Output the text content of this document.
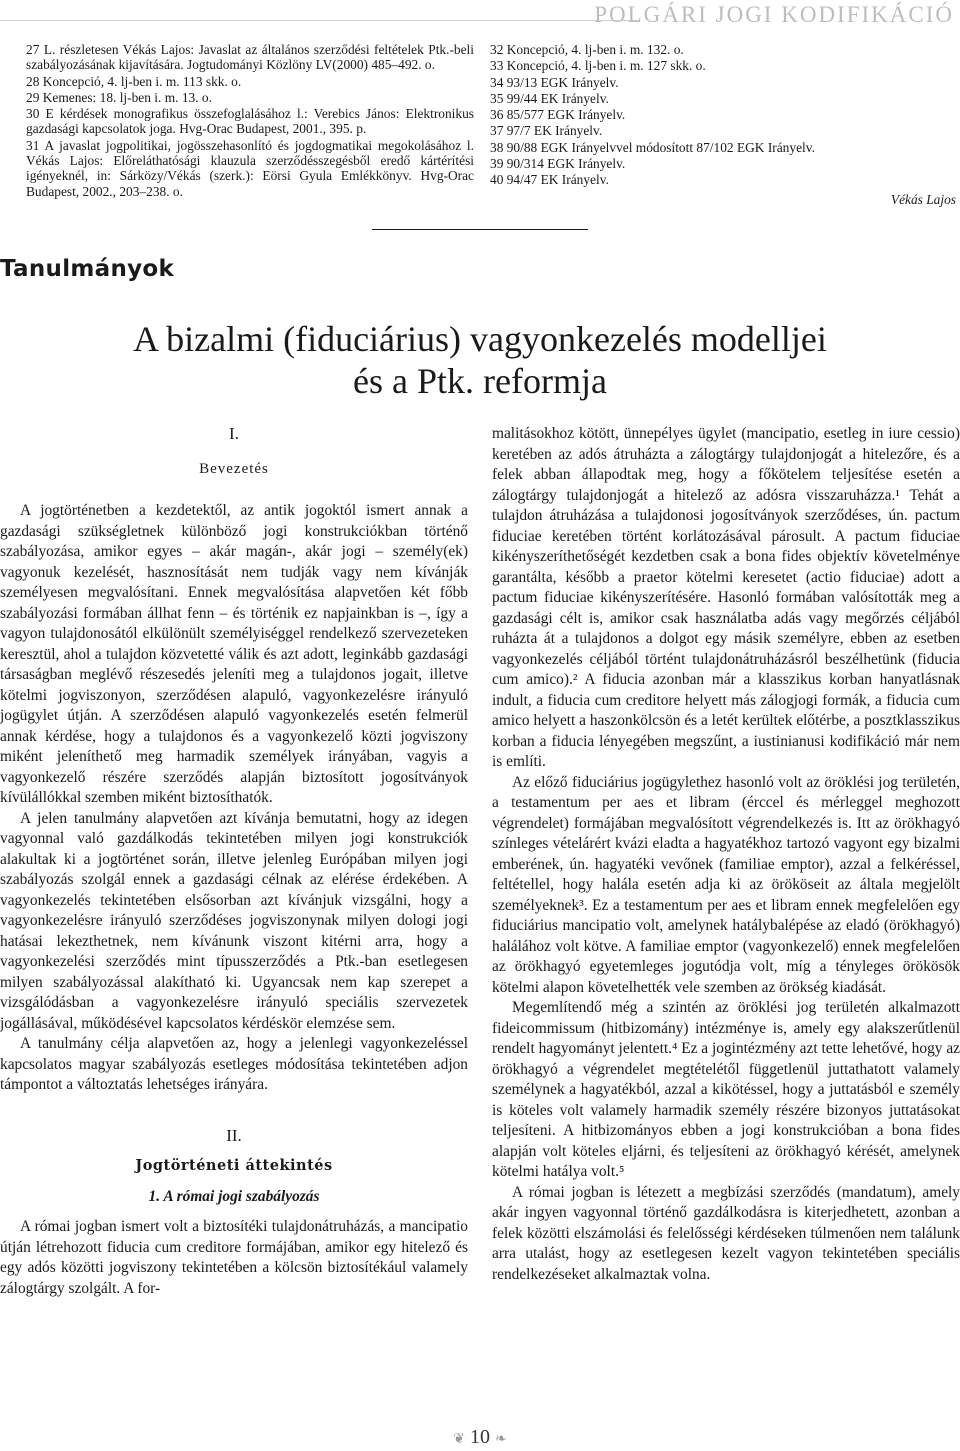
POLGÁRI JOGI KODIFIKÁCIÓ

27 L. részletesen Vékás Lajos: Javaslat az általános szerződési feltételek Ptk.-beli szabályozásának kijavítására. Jogtudományi Közlöny LV(2000) 485–492. o.

28 Koncepció, 4. lj-ben i. m. 113 skk. o.

29 Kemenes: 18. lj-ben i. m. 13. o.

30 E kérdések monografikus összefoglalásához l.: Verebics János: Elektronikus gazdasági kapcsolatok joga. Hvg-Orac Budapest, 2001., 395. p.

31 A javaslat jogpolitikai, jogösszehasonlító és jogdogmatikai megokolásához l. Vékás Lajos: Előreláthatósági klauzula szerződésszegésből eredő kártérítési igényeknél, in: Sárközy/Vékás (szerk.): Eörsi Gyula Emlékkönyv. Hvg-Orac Budapest, 2002., 203–238. o.

32 Koncepció, 4. lj-ben i. m. 132. o.

33 Koncepció, 4. lj-ben i. m. 127 skk. o.

34 93/13 EGK Irányelv.

35 99/44 EK Irányelv.

36 85/577 EGK Irányelv.

37 97/7 EK Irányelv.

38 90/88 EGK Irányelvvel módosított 87/102 EGK Irányelv.

39 90/314 EGK Irányelv.

40 94/47 EK Irányelv.

Vékás Lajos
Tanulmányok
A bizalmi (fiduciárius) vagyonkezelés modelljei
és a Ptk. reformja

I.

Bevezetés

A jogtörténetben a kezdetektől, az antik jogoktól ismert annak a gazdasági szükségletnek különböző jogi konstrukciókban történő szabályozása, amikor egyes – akár magán-, akár jogi – személy(ek) vagyonuk kezelését, hasznosítását nem tudják vagy nem kívánják személyesen megvalósítani. Ennek megvalósítása alapvetően két főbb szabályozási formában állhat fenn – és történik ez napjainkban is –, így a vagyon tulajdonosától elkülönült személyiséggel rendelkező szervezeteken keresztül, ahol a tulajdon közvetetté válik és azt adott, leginkább gazdasági társaságban meglévő részesedés jeleníti meg a tulajdonos jogait, illetve kötelmi jogviszonyon, szerződésen alapuló, vagyonkezelésre irányuló jogügylet útján. A szerződésen alapuló vagyonkezelés esetén felmerül annak kérdése, hogy a tulajdonos és a vagyonkezelő közti jogviszony miként jeleníthető meg harmadik személyek irányában, vagyis a vagyonkezelő részére szerződés alapján biztosított jogosítványok kívülállókkal szemben miként biztosíthatók.

A jelen tanulmány alapvetően azt kívánja bemutatni, hogy az idegen vagyonnal való gazdálkodás tekintetében milyen jogi konstrukciók alakultak ki a jogtörténet során, illetve jelenleg Európában milyen jogi szabályozás szolgál ennek a gazdasági célnak az elérése érdekében. A vagyonkezelés tekintetében elsősorban azt kívánjuk vizsgálni, hogy a vagyonkezelésre irányuló szerződéses jogviszonynak milyen dologi jogi hatásai lekezthetnek, nem kívánunk viszont kitérni arra, hogy a vagyonkezelési szerződés mint típusszerződés a Ptk.-ban esetlegesen milyen szabályozással alakítható ki. Ugyancsak nem kap szerepet a vizsgálódásban a vagyonkezelésre irányuló speciális szervezetek jogállásával, működésével kapcsolatos kérdéskör elemzése sem.

A tanulmány célja alapvetően az, hogy a jelenlegi vagyonkezeléssel kapcsolatos magyar szabályozás esetleges módosítása tekintetében adjon támpontot a változtatás lehetséges irányára.

II.

Jogtörténeti áttekintés

1. A római jogi szabályozás

A római jogban ismert volt a biztosítéki tulajdonátruházás, a mancipatio útján létrehozott fiducia cum creditore formájában, amikor egy hitelező és egy adós közötti jogviszony tekintetében a kölcsön biztosítékául valamely zálogtárgy szolgált. A for-

malitásokhoz kötött, ünnepélyes ügylet (mancipatio, esetleg in iure cessio) keretében az adós átruházta a zálogtárgy tulajdonjogát a hitelezőre, és a felek abban állapodtak meg, hogy a főkötelem teljesítése esetén a zálogtárgy tulajdonjogát a hitelező az adósra visszaruházza.¹ Tehát a tulajdon átruházása a tulajdonosi jogosítványok szerződéses, ún. pactum fiduciae keretében történt korlátozásával párosult. A pactum fiduciae kikényszeríthetőségét kezdetben csak a bona fides objektív követelménye garantálta, később a praetor kötelmi keresetet (actio fiduciae) adott a pactum fiduciae kikényszerítésére. Hasonló formában valósították meg a gazdasági célt is, amikor csak használatba adás vagy megőrzés céljából ruházta át a tulajdonos a dolgot egy másik személyre, ebben az esetben vagyonkezelés céljából történt tulajdonátruházásról beszélhetünk (fiducia cum amico).² A fiducia azonban már a klasszikus korban hanyatlásnak indult, a fiducia cum creditore helyett más zálogjogi formák, a fiducia cum amico helyett a haszonkölcsön és a letét kerültek előtérbe, a posztklasszikus korban a fiducia lényegében megszűnt, a iustinianusi kodifikáció már nem is említi.

Az előző fiduciárius jogügylethez hasonló volt az öröklési jog területén, a testamentum per aes et libram (érccel és mérleggel meghozott végrendelet) formájában megvalósított végrendelkezés is. Itt az örökhagyó színleges vételárért kvázi eladta a hagyatékhoz tartozó vagyont egy bizalmi emberének, ún. hagyatéki vevőnek (familiae emptor), azzal a felkéréssel, feltétellel, hogy halála esetén adja ki az örököseit az általa megjelölt személyeknek³. Ez a testamentum per aes et libram ennek megfelelően egy fiduciárius mancipatio volt, amelynek hatálybalépése az eladó (örökhagyó) halálához volt kötve. A familiae emptor (vagyonkezelő) ennek megfelelően az örökhagyó egyetemleges jogutódja volt, míg a tényleges örökösök kötelmi alapon követelhették vele szemben az örökség kiadását.

Megemlítendő még a szintén az öröklési jog területén alkalmazott fideicommissum (hitbizomány) intézménye is, amely egy alakszerűtlenül rendelt hagyományt jelentett.⁴ Ez a jogintézmény azt tette lehetővé, hogy az örökhagyó a végrendelet megtételétől függetlenül juttathatott valamely személynek a hagyatékból, azzal a kikötéssel, hogy a juttatásból e személy is köteles volt valamely harmadik személy részére bizonyos juttatásokat teljesíteni. A hitbizományos ebben a jogi konstrukcióban a bona fides alapján volt köteles eljárni, és teljesíteni az örökhagyó kérését, amelynek kötelmi hatálya volt.⁵

A római jogban is létezett a megbízási szerződés (mandatum), amely akár ingyen vagyonnal történő gazdálkodásra is kiterjedhetett, azonban a felek közötti elszámolási és felelősségi kérdéseken túlmenően nem találunk arra utalást, hogy az esetlegesen kezelt vagyon tekintetében speciális rendelkezéseket alkalmaztak volna.

❦ 10 ❧
